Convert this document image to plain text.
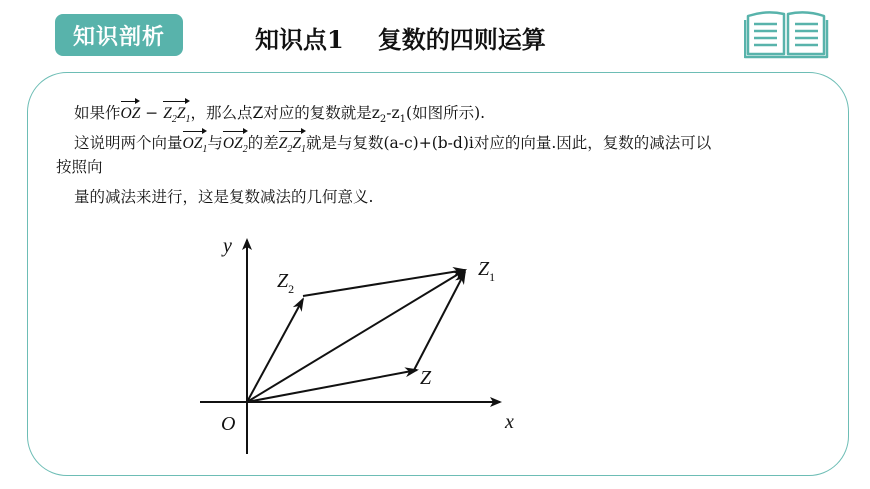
知识剖析	知识点1 复数的四则运算
如果作OZ − $Z_2Z_1$，那么点Z对应的复数就是$z_2-z_1$(如图所示).
这说明两个向量$OZ_1$与$OZ_2$的差$Z_2Z_1$就是与复数(a-c)+(b-d)i对应的向量.因此，复数的减法可以
按照向
量的减法来进行，这是复数减法的几何意义.
y
x
O
$Z_1$
$Z_2$
Z
